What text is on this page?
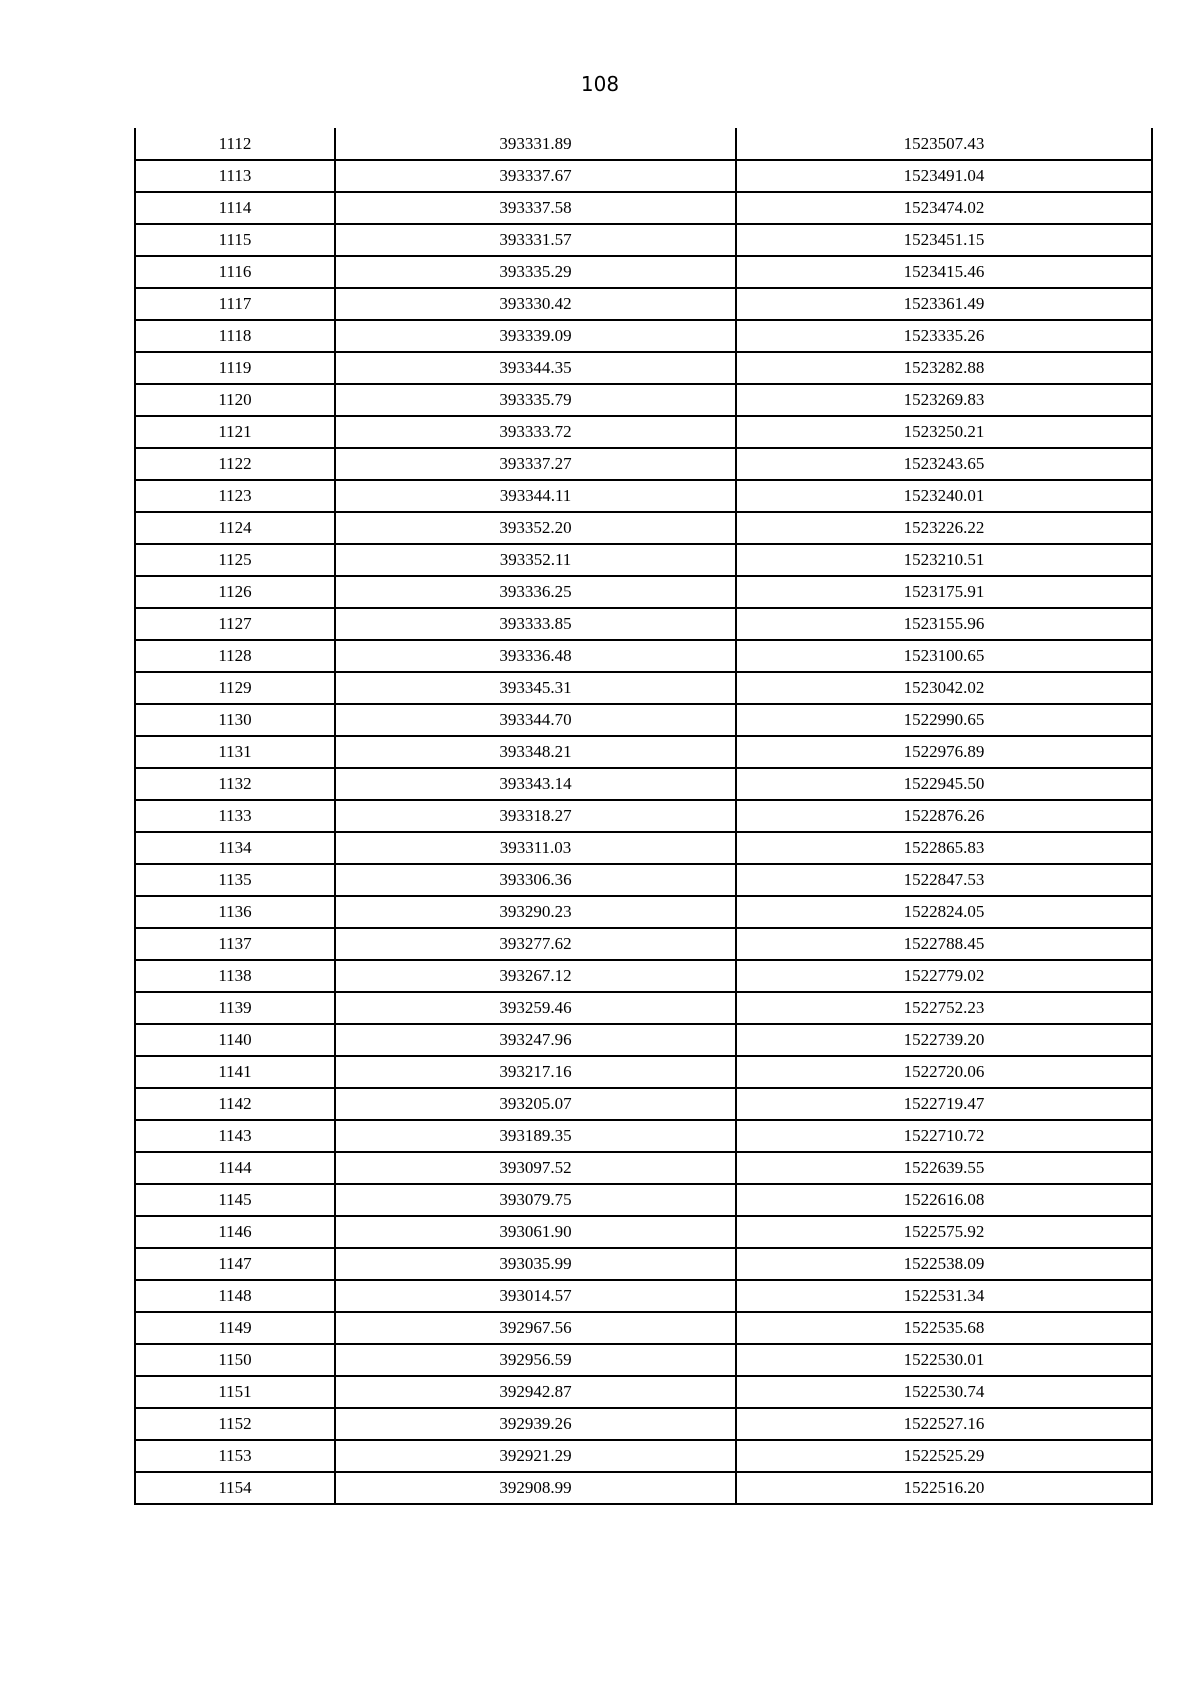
108
1112	393331.89	1523507.43
1113	393337.67	1523491.04
1114	393337.58	1523474.02
1115	393331.57	1523451.15
1116	393335.29	1523415.46
1117	393330.42	1523361.49
1118	393339.09	1523335.26
1119	393344.35	1523282.88
1120	393335.79	1523269.83
1121	393333.72	1523250.21
1122	393337.27	1523243.65
1123	393344.11	1523240.01
1124	393352.20	1523226.22
1125	393352.11	1523210.51
1126	393336.25	1523175.91
1127	393333.85	1523155.96
1128	393336.48	1523100.65
1129	393345.31	1523042.02
1130	393344.70	1522990.65
1131	393348.21	1522976.89
1132	393343.14	1522945.50
1133	393318.27	1522876.26
1134	393311.03	1522865.83
1135	393306.36	1522847.53
1136	393290.23	1522824.05
1137	393277.62	1522788.45
1138	393267.12	1522779.02
1139	393259.46	1522752.23
1140	393247.96	1522739.20
1141	393217.16	1522720.06
1142	393205.07	1522719.47
1143	393189.35	1522710.72
1144	393097.52	1522639.55
1145	393079.75	1522616.08
1146	393061.90	1522575.92
1147	393035.99	1522538.09
1148	393014.57	1522531.34
1149	392967.56	1522535.68
1150	392956.59	1522530.01
1151	392942.87	1522530.74
1152	392939.26	1522527.16
1153	392921.29	1522525.29
1154	392908.99	1522516.20
